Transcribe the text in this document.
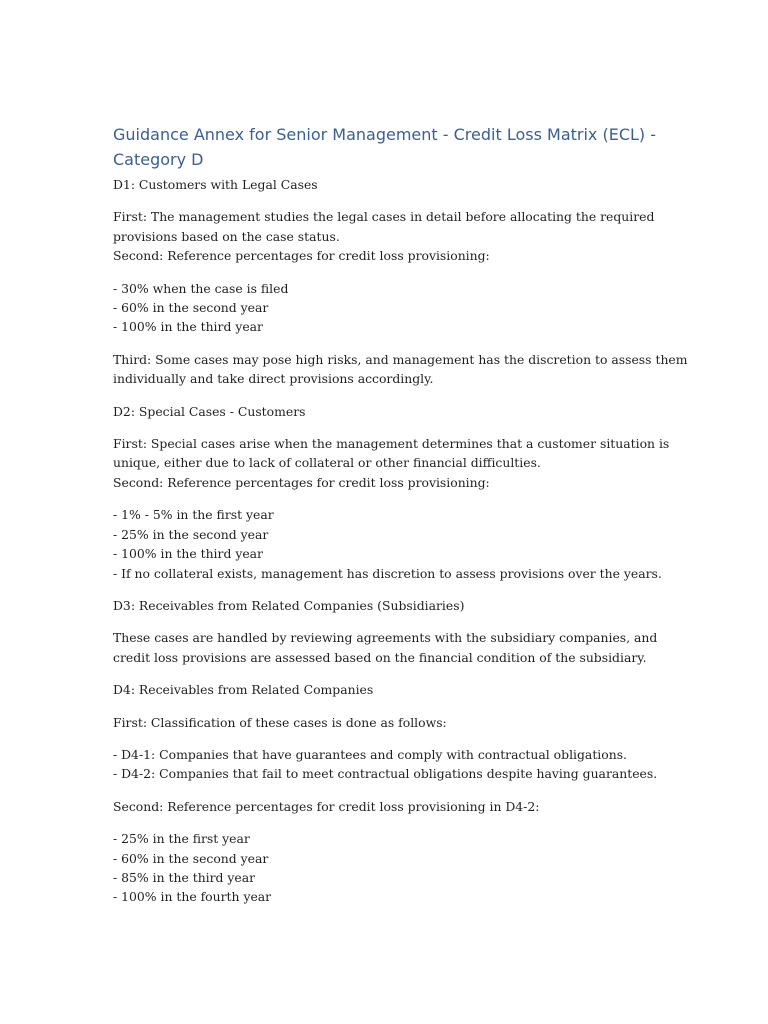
Guidance Annex for Senior Management - Credit Loss Matrix (ECL) -
Category D
D1: Customers with Legal Cases
First: The management studies the legal cases in detail before allocating the required
provisions based on the case status.
Second: Reference percentages for credit loss provisioning:
- 30% when the case is filed
- 60% in the second year
- 100% in the third year
Third: Some cases may pose high risks, and management has the discretion to assess them
individually and take direct provisions accordingly.
D2: Special Cases - Customers
First: Special cases arise when the management determines that a customer situation is
unique, either due to lack of collateral or other financial difficulties.
Second: Reference percentages for credit loss provisioning:
- 1% - 5% in the first year
- 25% in the second year
- 100% in the third year
- If no collateral exists, management has discretion to assess provisions over the years.
D3: Receivables from Related Companies (Subsidiaries)
These cases are handled by reviewing agreements with the subsidiary companies, and
credit loss provisions are assessed based on the financial condition of the subsidiary.
D4: Receivables from Related Companies
First: Classification of these cases is done as follows:
- D4-1: Companies that have guarantees and comply with contractual obligations.
- D4-2: Companies that fail to meet contractual obligations despite having guarantees.
Second: Reference percentages for credit loss provisioning in D4-2:
- 25% in the first year
- 60% in the second year
- 85% in the third year
- 100% in the fourth year
